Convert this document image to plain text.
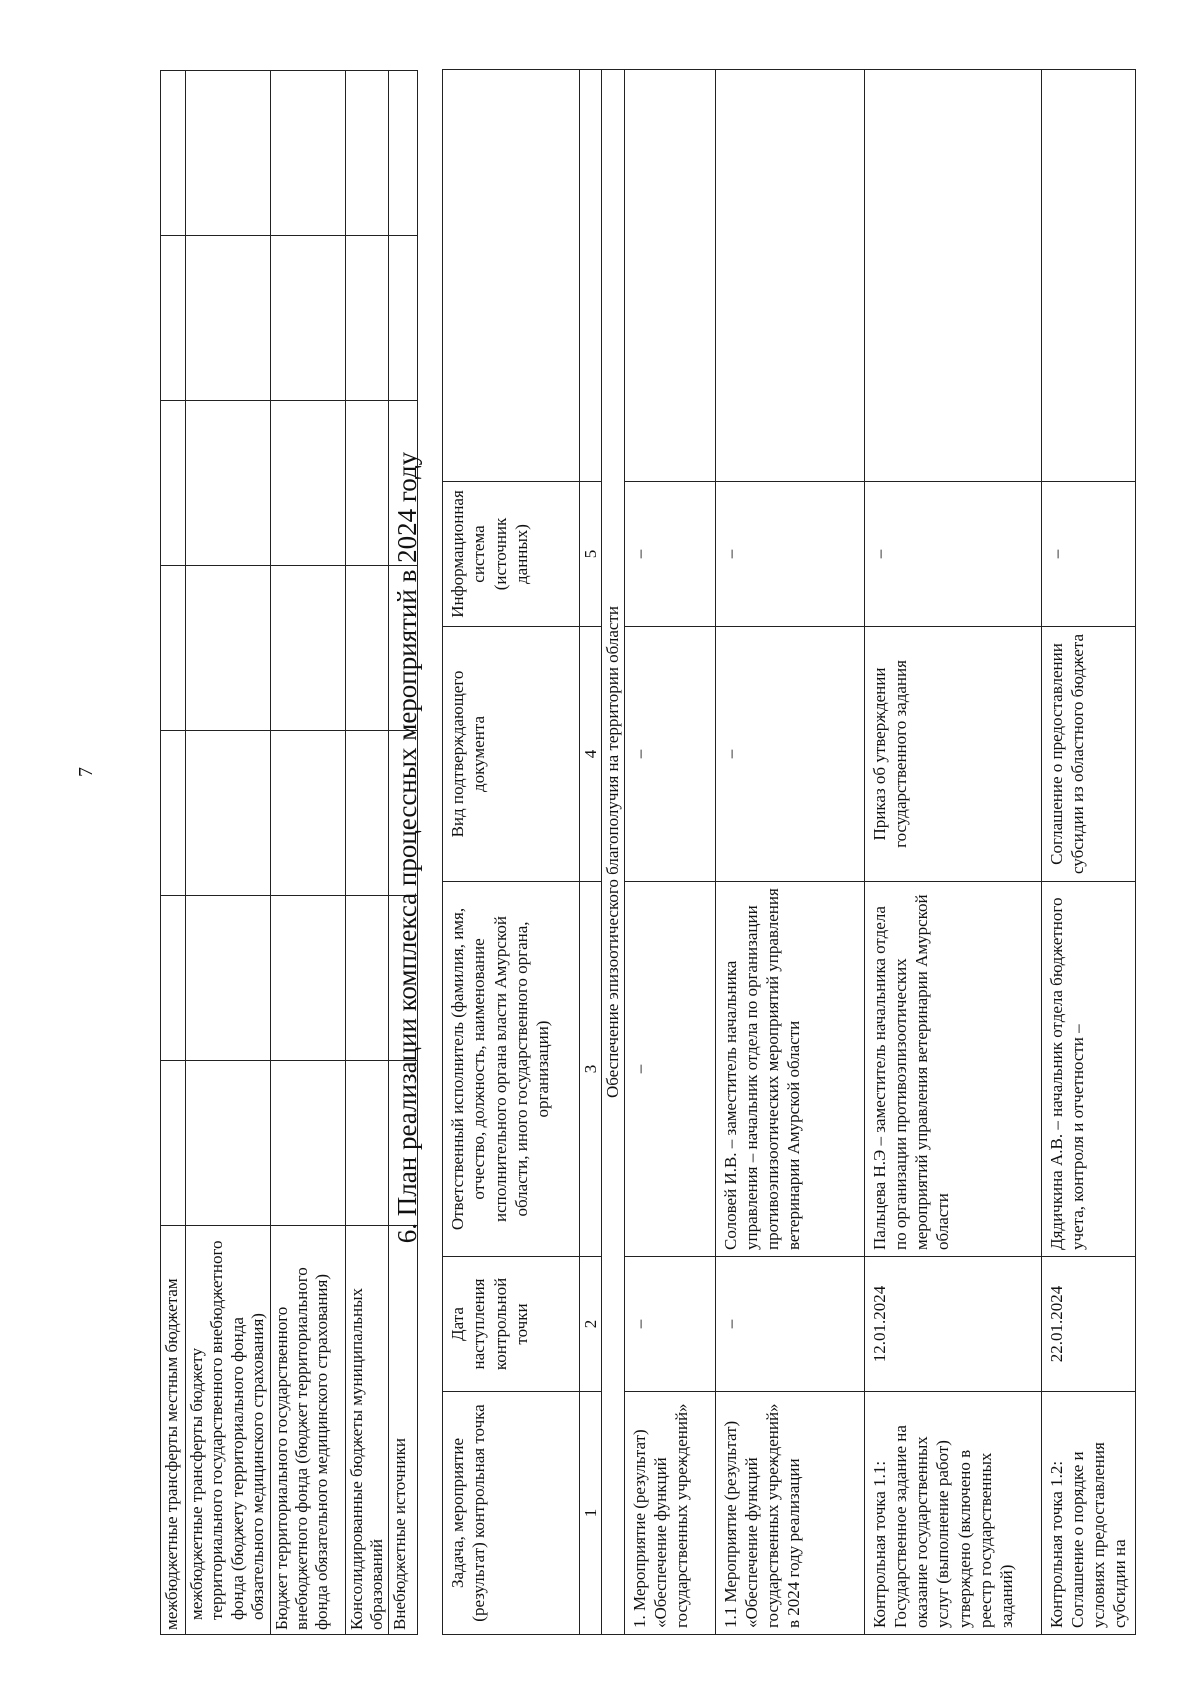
7
межбюджетные трансферты местным бюджетам							
межбюджетные трансферты бюджету территориального государственного внебюджетного фонда (бюджету территориального фонда обязательного медицинского страхования)							
Бюджет территориального государственного внебюджетного фонда (бюджет территориального фонда обязательного медицинского страхования)							
Консолидированные бюджеты муниципальных образований							
Внебюджетные источники							
6. План реализации комплекса процессных мероприятий в 2024 году
Задача, мероприятие (результат) контрольная точка	Дата наступления контрольной точки	Ответственный исполнитель (фамилия, имя, отчество, должность, наименование исполнительного органа власти Амурской области, иного государственного органа, организации)	Вид подтверждающего документа	Информационная система (источник данных)	
1	2	3	4	5	
Обеспечение эпизоотического благополучия на территории области					
1. Мероприятие (результат) «Обеспечение функций государственных учреждений»	–	–	–	–	
1.1 Мероприятие (результат) «Обеспечение функций государственных учреждений» в 2024 году реализации	–	Соловей И.В. – заместитель начальника управления – начальник отдела по организации противоэпизоотических мероприятий управления ветеринарии Амурской области	–	–	
Контрольная точка 1.1: Государственное задание на оказание государственных услуг (выполнение работ) утверждено (включено в реестр государственных заданий)	12.01.2024	Пальцева Н.Э – заместитель начальника отдела по организации противоэпизоотических мероприятий управления ветеринарии Амурской области	Приказ об утверждении государственного задания	–	
Контрольная точка 1.2: Соглашение о порядке и условиях предоставления субсидии на	22.01.2024	Дядичкина А.В. – начальник отдела бюджетного учета, контроля и отчетности –	Соглашение о предоставлении субсидии из областного бюджета	–	
